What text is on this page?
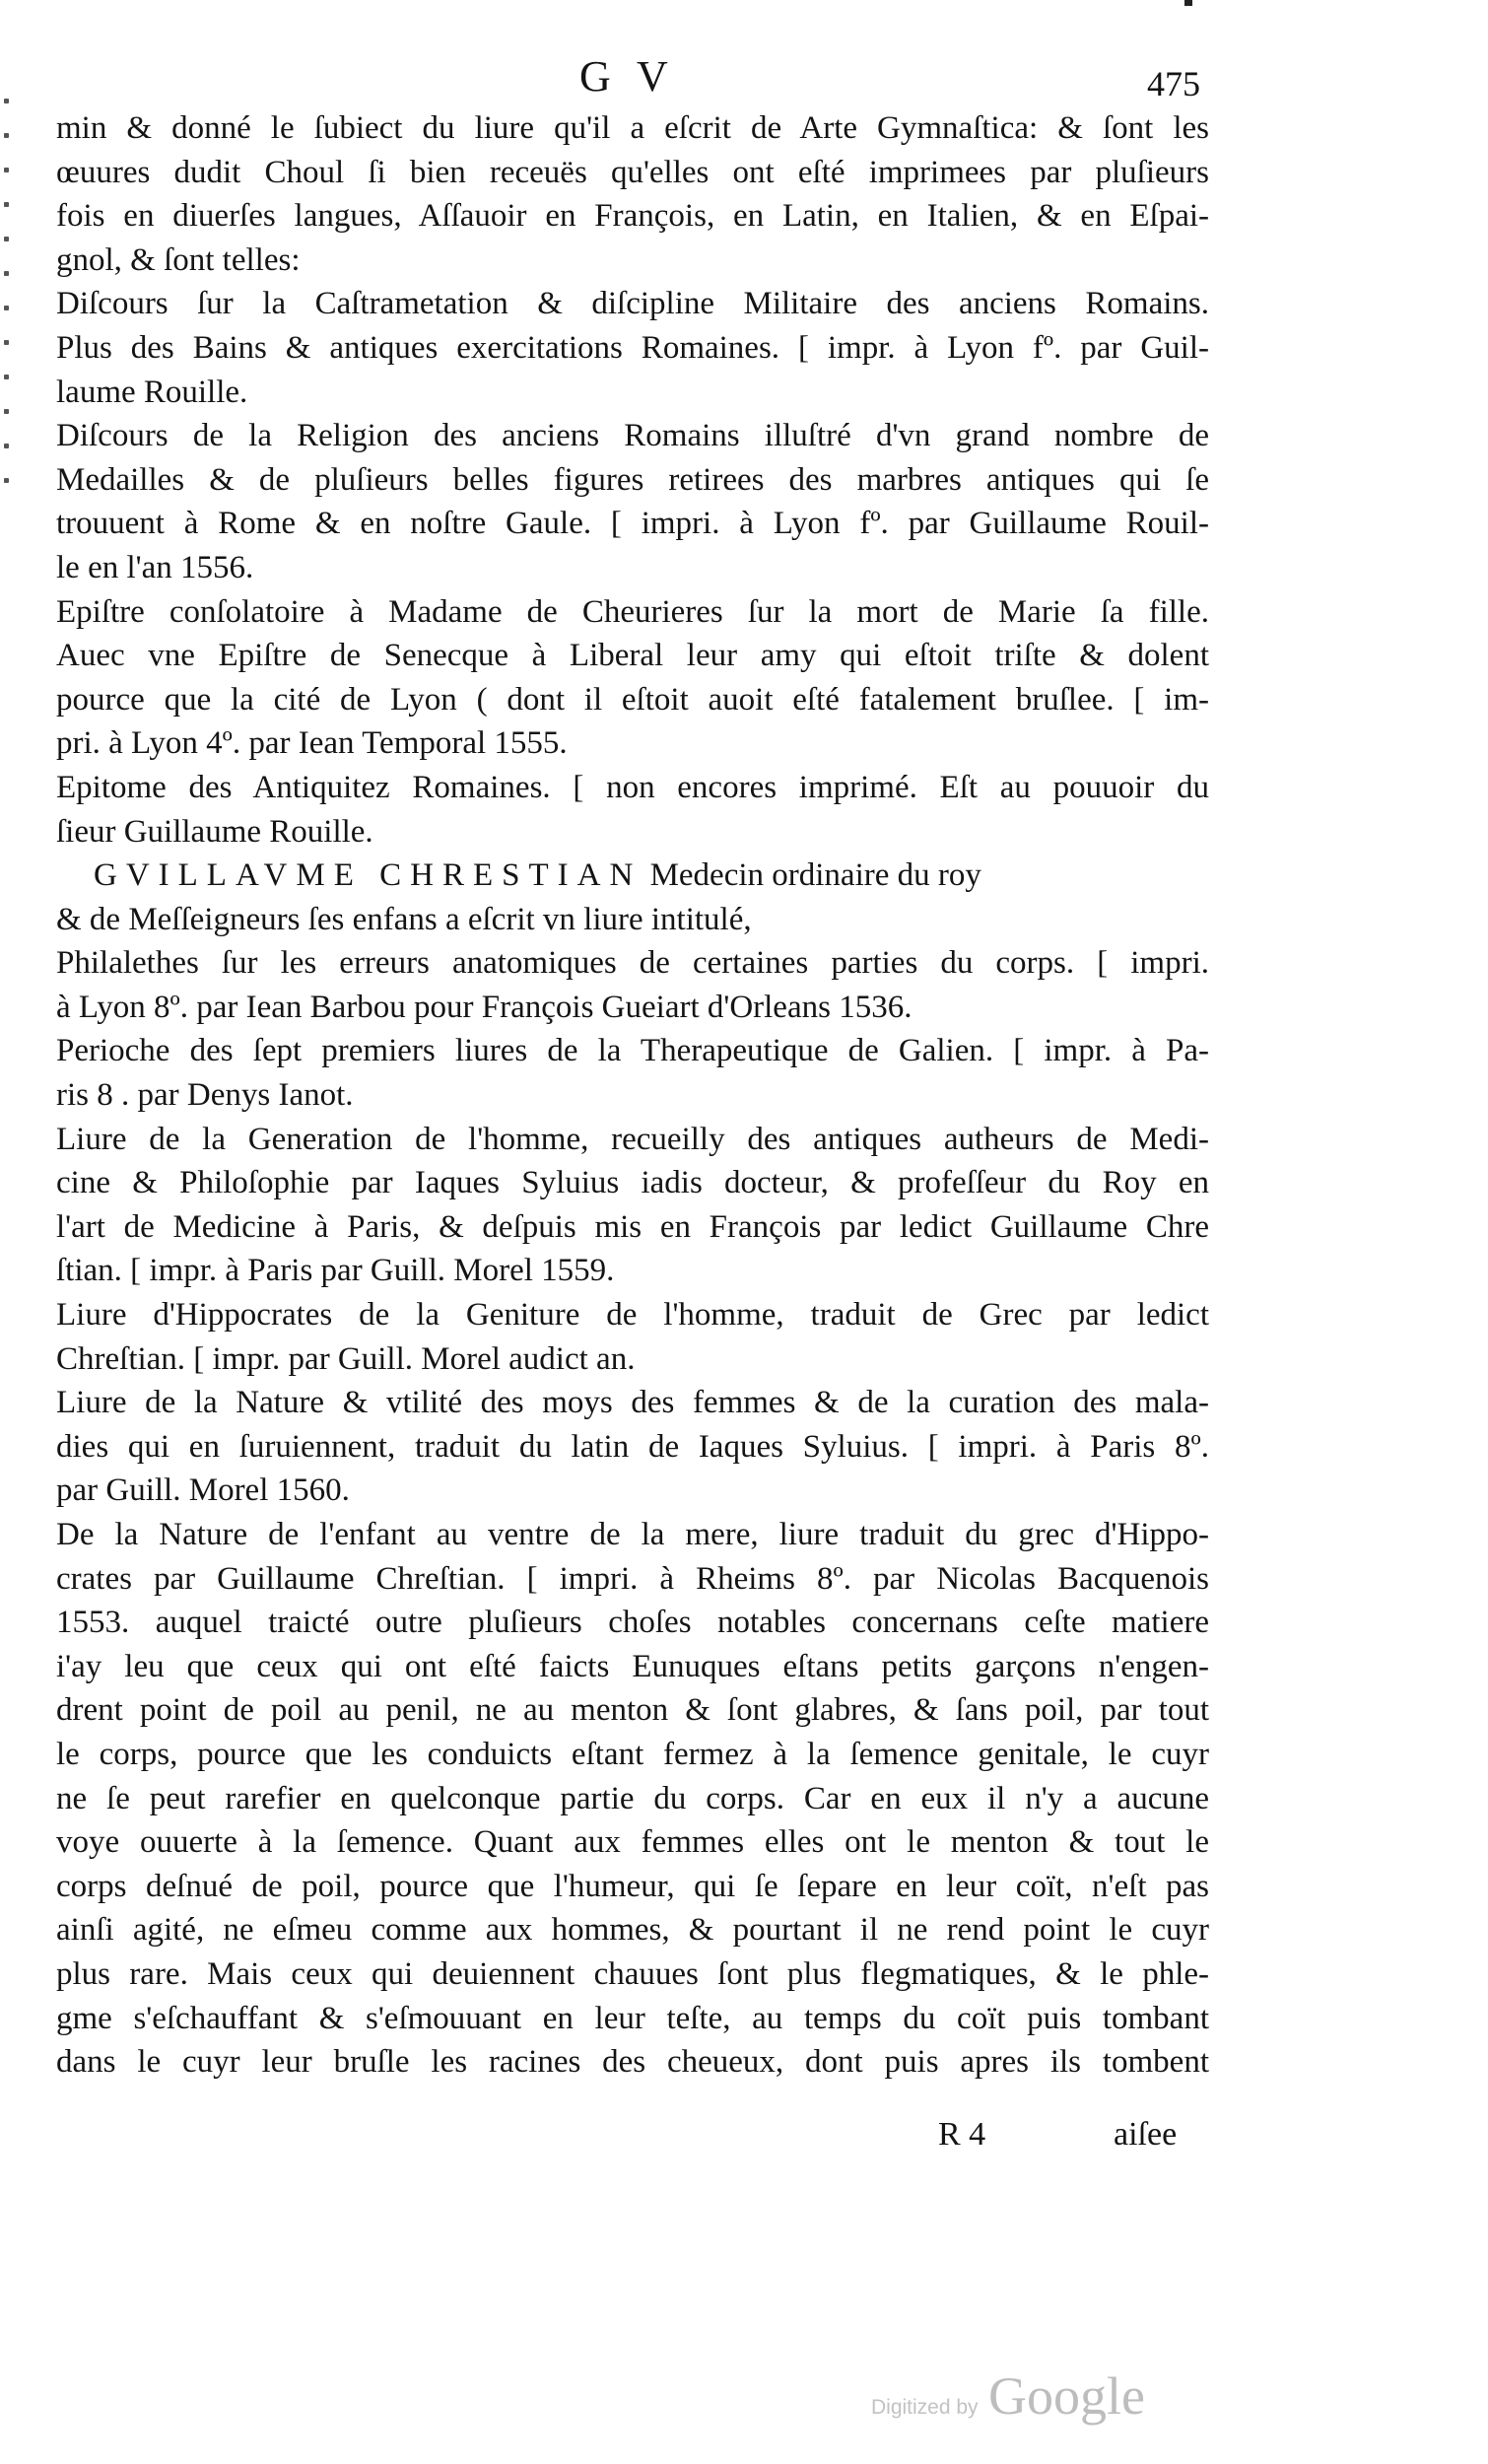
G V	475
min & donné le ſubiect du liure qu'il a eſcrit de Arte Gymnaſtica: & ſont les
œuures dudit Choul ſi bien receuës qu'elles ont eſté imprimees par pluſieurs
fois en diuerſes langues, Aſſauoir en François, en Latin, en Italien, & en Eſpai-
gnol, & ſont telles:
Diſcours ſur la Caſtrametation & diſcipline Militaire des anciens Romains.
Plus des Bains & antiques exercitations Romaines. [ impr. à Lyon fº. par Guil-
laume Rouille.
Diſcours de la Religion des anciens Romains illuſtré d'vn grand nombre de
Medailles & de pluſieurs belles figures retirees des marbres antiques qui ſe
trouuent à Rome & en noſtre Gaule. [ impri. à Lyon fº. par Guillaume Rouil-
le en l'an 1556.
Epiſtre conſolatoire à Madame de Cheurieres ſur la mort de Marie ſa fille.
Auec vne Epiſtre de Senecque à Liberal leur amy qui eſtoit triſte & dolent
pource que la cité de Lyon ( dont il eſtoit auoit eſté fatalement bruſlee. [ im-
pri. à Lyon 4º. par Iean Temporal 1555.
Epitome des Antiquitez Romaines. [ non encores imprimé. Eſt au pouuoir du
ſieur Guillaume Rouille.
GVILLAVME CHRESTIAN Medecin ordinaire du roy
& de Meſſeigneurs ſes enfans a eſcrit vn liure intitulé,
Philalethes ſur les erreurs anatomiques de certaines parties du corps. [ impri.
à Lyon 8º. par Iean Barbou pour François Gueiart d'Orleans 1536.
Perioche des ſept premiers liures de la Therapeutique de Galien. [ impr. à Pa-
ris 8 . par Denys Ianot.
Liure de la Generation de l'homme, recueilly des antiques autheurs de Medi-
cine & Philoſophie par Iaques Syluius iadis docteur, & profeſſeur du Roy en
l'art de Medicine à Paris, & deſpuis mis en François par ledict Guillaume Chre
ſtian. [ impr. à Paris par Guill. Morel 1559.
Liure d'Hippocrates de la Geniture de l'homme, traduit de Grec par ledict
Chreſtian. [ impr. par Guill. Morel audict an.
Liure de la Nature & vtilité des moys des femmes & de la curation des mala-
dies qui en ſuruiennent, traduit du latin de Iaques Syluius. [ impri. à Paris 8º.
par Guill. Morel 1560.
De la Nature de l'enfant au ventre de la mere, liure traduit du grec d'Hippo-
crates par Guillaume Chreſtian. [ impri. à Rheims 8º. par Nicolas Bacquenois
1553. auquel traicté outre pluſieurs choſes notables concernans ceſte matiere
i'ay leu que ceux qui ont eſté faicts Eunuques eſtans petits garçons n'engen-
drent point de poil au penil, ne au menton & ſont glabres, & ſans poil, par tout
le corps, pource que les conduicts eſtant fermez à la ſemence genitale, le cuyr
ne ſe peut rarefier en quelconque partie du corps. Car en eux il n'y a aucune
voye ouuerte à la ſemence. Quant aux femmes elles ont le menton & tout le
corps deſnué de poil, pource que l'humeur, qui ſe ſepare en leur coït, n'eſt pas
ainſi agité, ne eſmeu comme aux hommes, & pourtant il ne rend point le cuyr
plus rare. Mais ceux qui deuiennent chauues ſont plus flegmatiques, & le phle-
gme s'eſchauffant & s'eſmouuant en leur teſte, au temps du coït puis tombant
dans le cuyr leur bruſle les racines des cheueux, dont puis apres ils tombent
R 4	aiſee
Digitized by Google
